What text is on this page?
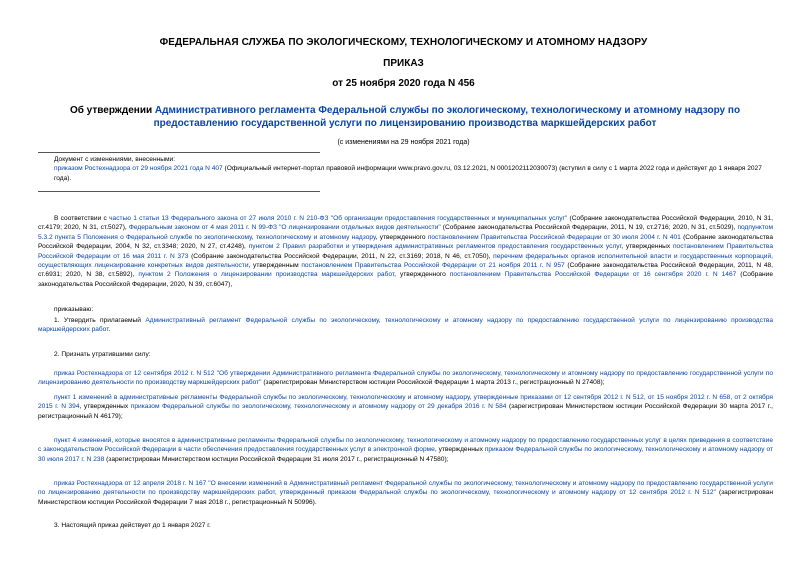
ФЕДЕРАЛЬНАЯ СЛУЖБА ПО ЭКОЛОГИЧЕСКОМУ, ТЕХНОЛОГИЧЕСКОМУ И АТОМНОМУ НАДЗОРУ
ПРИКАЗ
от 25 ноября 2020 года N 456
Об утверждении Административного регламента Федеральной службы по экологическому, технологическому и атомному надзору по предоставлению государственной услуги по лицензированию производства маркшейдерских работ
(с изменениями на 29 ноября 2021 года)
Документ с изменениями, внесенными:
приказом Ростехнадзора от 29 ноября 2021 года N 407 (Официальный интернет-портал правовой информации www.pravo.gov.ru, 03.12.2021, N 0001202112030073) (вступил в силу с 1 марта 2022 года и действует до 1 января 2027 года).

В соответствии с частью 1 статьи 13 Федерального закона от 27 июля 2010 г. N 210-ФЗ "Об организации предоставления государственных и муниципальных услуг" (Собрание законодательства Российской Федерации, 2010, N 31, ст.4179; 2020, N 31, ст.5027), Федеральным законом от 4 мая 2011 г. N 99-ФЗ "О лицензировании отдельных видов деятельности" (Собрание законодательства Российской Федерации, 2011, N 19, ст.2716; 2020, N 31, ст.5029), подпунктом 5.3.2 пункта 5 Положения о Федеральной службе по экологическому, технологическому и атомному надзору, утвержденного постановлением Правительства Российской Федерации от 30 июля 2004 г. N 401 (Собрание законодательства Российской Федерации, 2004, N 32, ст.3348; 2020, N 27, ст.4248), пунктом 2 Правил разработки и утверждения административных регламентов предоставления государственных услуг, утвержденных постановлением Правительства Российской Федерации от 16 мая 2011 г. N 373 (Собрание законодательства Российской Федерации, 2011, N 22, ст.3169; 2018, N 46, ст.7050), перечнем федеральных органов исполнительной власти и государственных корпораций, осуществляющих лицензирование конкретных видов деятельности, утвержденным постановлением Правительства Российской Федерации от 21 ноября 2011 г. N 957 (Собрание законодательства Российской Федерации, 2011, N 48, ст.6931; 2020, N 38, ст.5892), пунктом 2 Положения о лицензировании производства маркшейдерских работ, утвержденного постановлением Правительства Российской Федерации от 16 сентября 2020 г. N 1467 (Собрание законодательства Российской Федерации, 2020, N 39, ст.6047),

приказываю:

1. Утвердить прилагаемый Административный регламент Федеральной службы по экологическому, технологическому и атомному надзору по предоставлению государственной услуги по лицензированию производства маркшейдерских работ.

2. Признать утратившими силу:

приказ Ростехнадзора от 12 сентября 2012 г. N 512 "Об утверждении Административного регламента Федеральной службы по экологическому, технологическому и атомному надзору по предоставлению государственной услуги по лицензированию деятельности по производству маркшейдерских работ" (зарегистрирован Министерством юстиции Российской Федерации 1 марта 2013 г., регистрационный N 27408);

пункт 1 изменений в административные регламенты Федеральной службы по экологическому, технологическому и атомному надзору, утвержденные приказами от 12 сентября 2012 г. N 512, от 15 ноября 2012 г. N 658, от 2 октября 2015 г. N 394, утвержденных приказом Федеральной службы по экологическому, технологическому и атомному надзору от 29 декабря 2016 г. N 584 (зарегистрирован Министерством юстиции Российской Федерации 30 марта 2017 г., регистрационный N 46179);

пункт 4 изменений, которые вносятся в административные регламенты Федеральной службы по экологическому, технологическому и атомному надзору по предоставлению государственных услуг в целях приведения в соответствие с законодательством Российской Федерации в части обеспечения предоставления государственных услуг в электронной форме, утвержденных приказом Федеральной службы по экологическому, технологическому и атомному надзору от 30 июля 2017 г. N 238 (зарегистрирован Министерством юстиции Российской Федерации 31 июля 2017 г., регистрационный N 47580);

приказ Ростехнадзора от 12 апреля 2018 г. N 167 "О внесении изменений в Административный регламент Федеральной службы по экологическому, технологическому и атомному надзору по предоставлению государственной услуги по лицензированию деятельности по производству маркшейдерских работ, утвержденный приказом Федеральной службы по экологическому, технологическому и атомному надзору от 12 сентября 2012 г. N 512" (зарегистрирован Министерством юстиции Российской Федерации 7 мая 2018 г., регистрационный N 50996).

3. Настоящий приказ действует до 1 января 2027 г.
